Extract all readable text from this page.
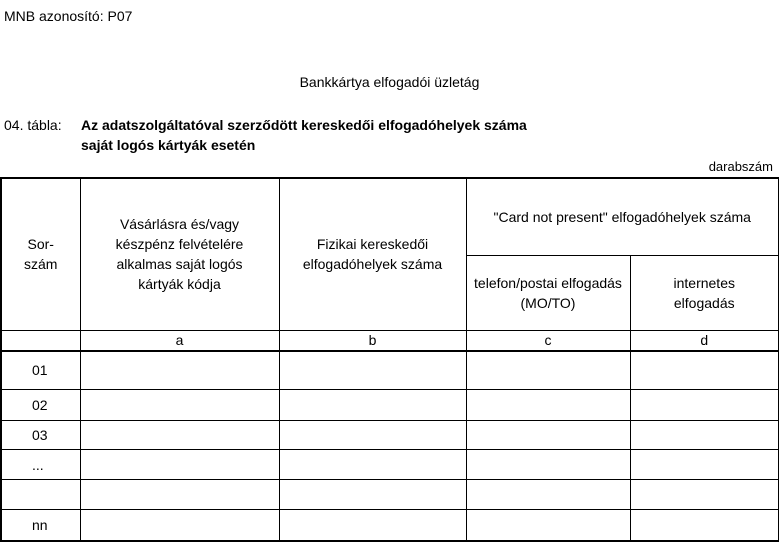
MNB azonosító: P07
Bankkártya elfogadói üzletág
04. tábla: Az adatszolgáltatóval szerződött kereskedői elfogadóhelyek száma
saját logós kártyák esetén
darabszám
Sor-szám	Vásárlásra és/vagy készpénz felvételére alkalmas saját logós kártyák kódja	Fizikai kereskedői elfogadóhelyek száma	"Card not present" elfogadóhelyek száma	
			telefon/postai elfogadás (MO/TO)	internetes elfogadás
	a	b	c	d
01				
02				
03				
...				

nn				
